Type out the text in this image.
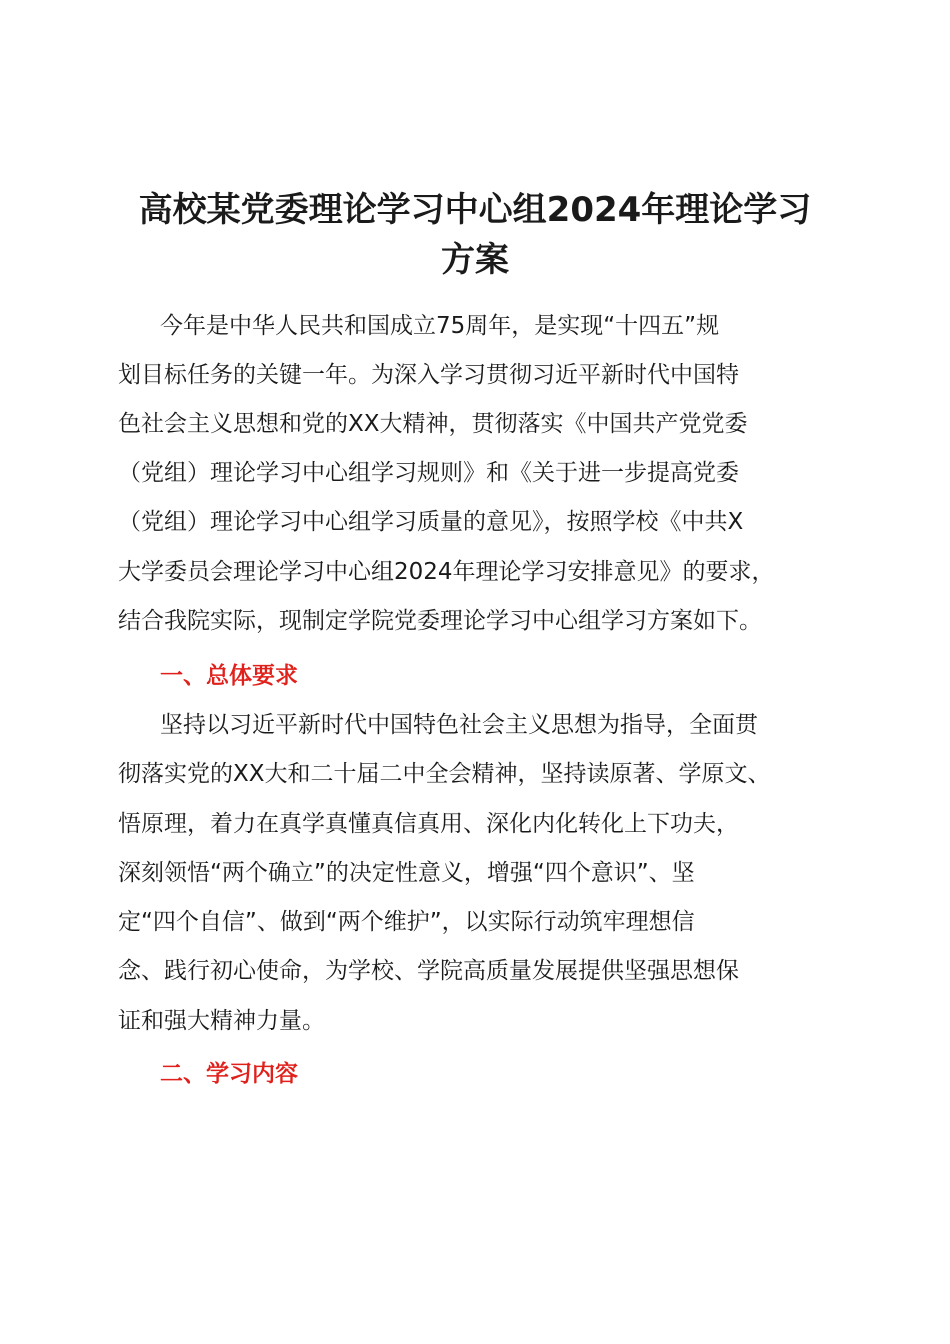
高校某党委理论学习中心组2024年理论学习
方案

今年是中华人民共和国成立75周年，是实现“十四五”规

划目标任务的关键一年。为深入学习贯彻习近平新时代中国特

色社会主义思想和党的XX大精神，贯彻落实《中国共产党党委

（党组）理论学习中心组学习规则》和《关于进一步提高党委

（党组）理论学习中心组学习质量的意见》，按照学校《中共X

大学委员会理论学习中心组2024年理论学习安排意见》的要求，

结合我院实际，现制定学院党委理论学习中心组学习方案如下。

一、总体要求

坚持以习近平新时代中国特色社会主义思想为指导，全面贯

彻落实党的XX大和二十届二中全会精神，坚持读原著、学原文、

悟原理，着力在真学真懂真信真用、深化内化转化上下功夫，

深刻领悟“两个确立”的决定性意义，增强“四个意识”、坚

定“四个自信”、做到“两个维护”，以实际行动筑牢理想信

念、践行初心使命，为学校、学院高质量发展提供坚强思想保

证和强大精神力量。

二、学习内容
